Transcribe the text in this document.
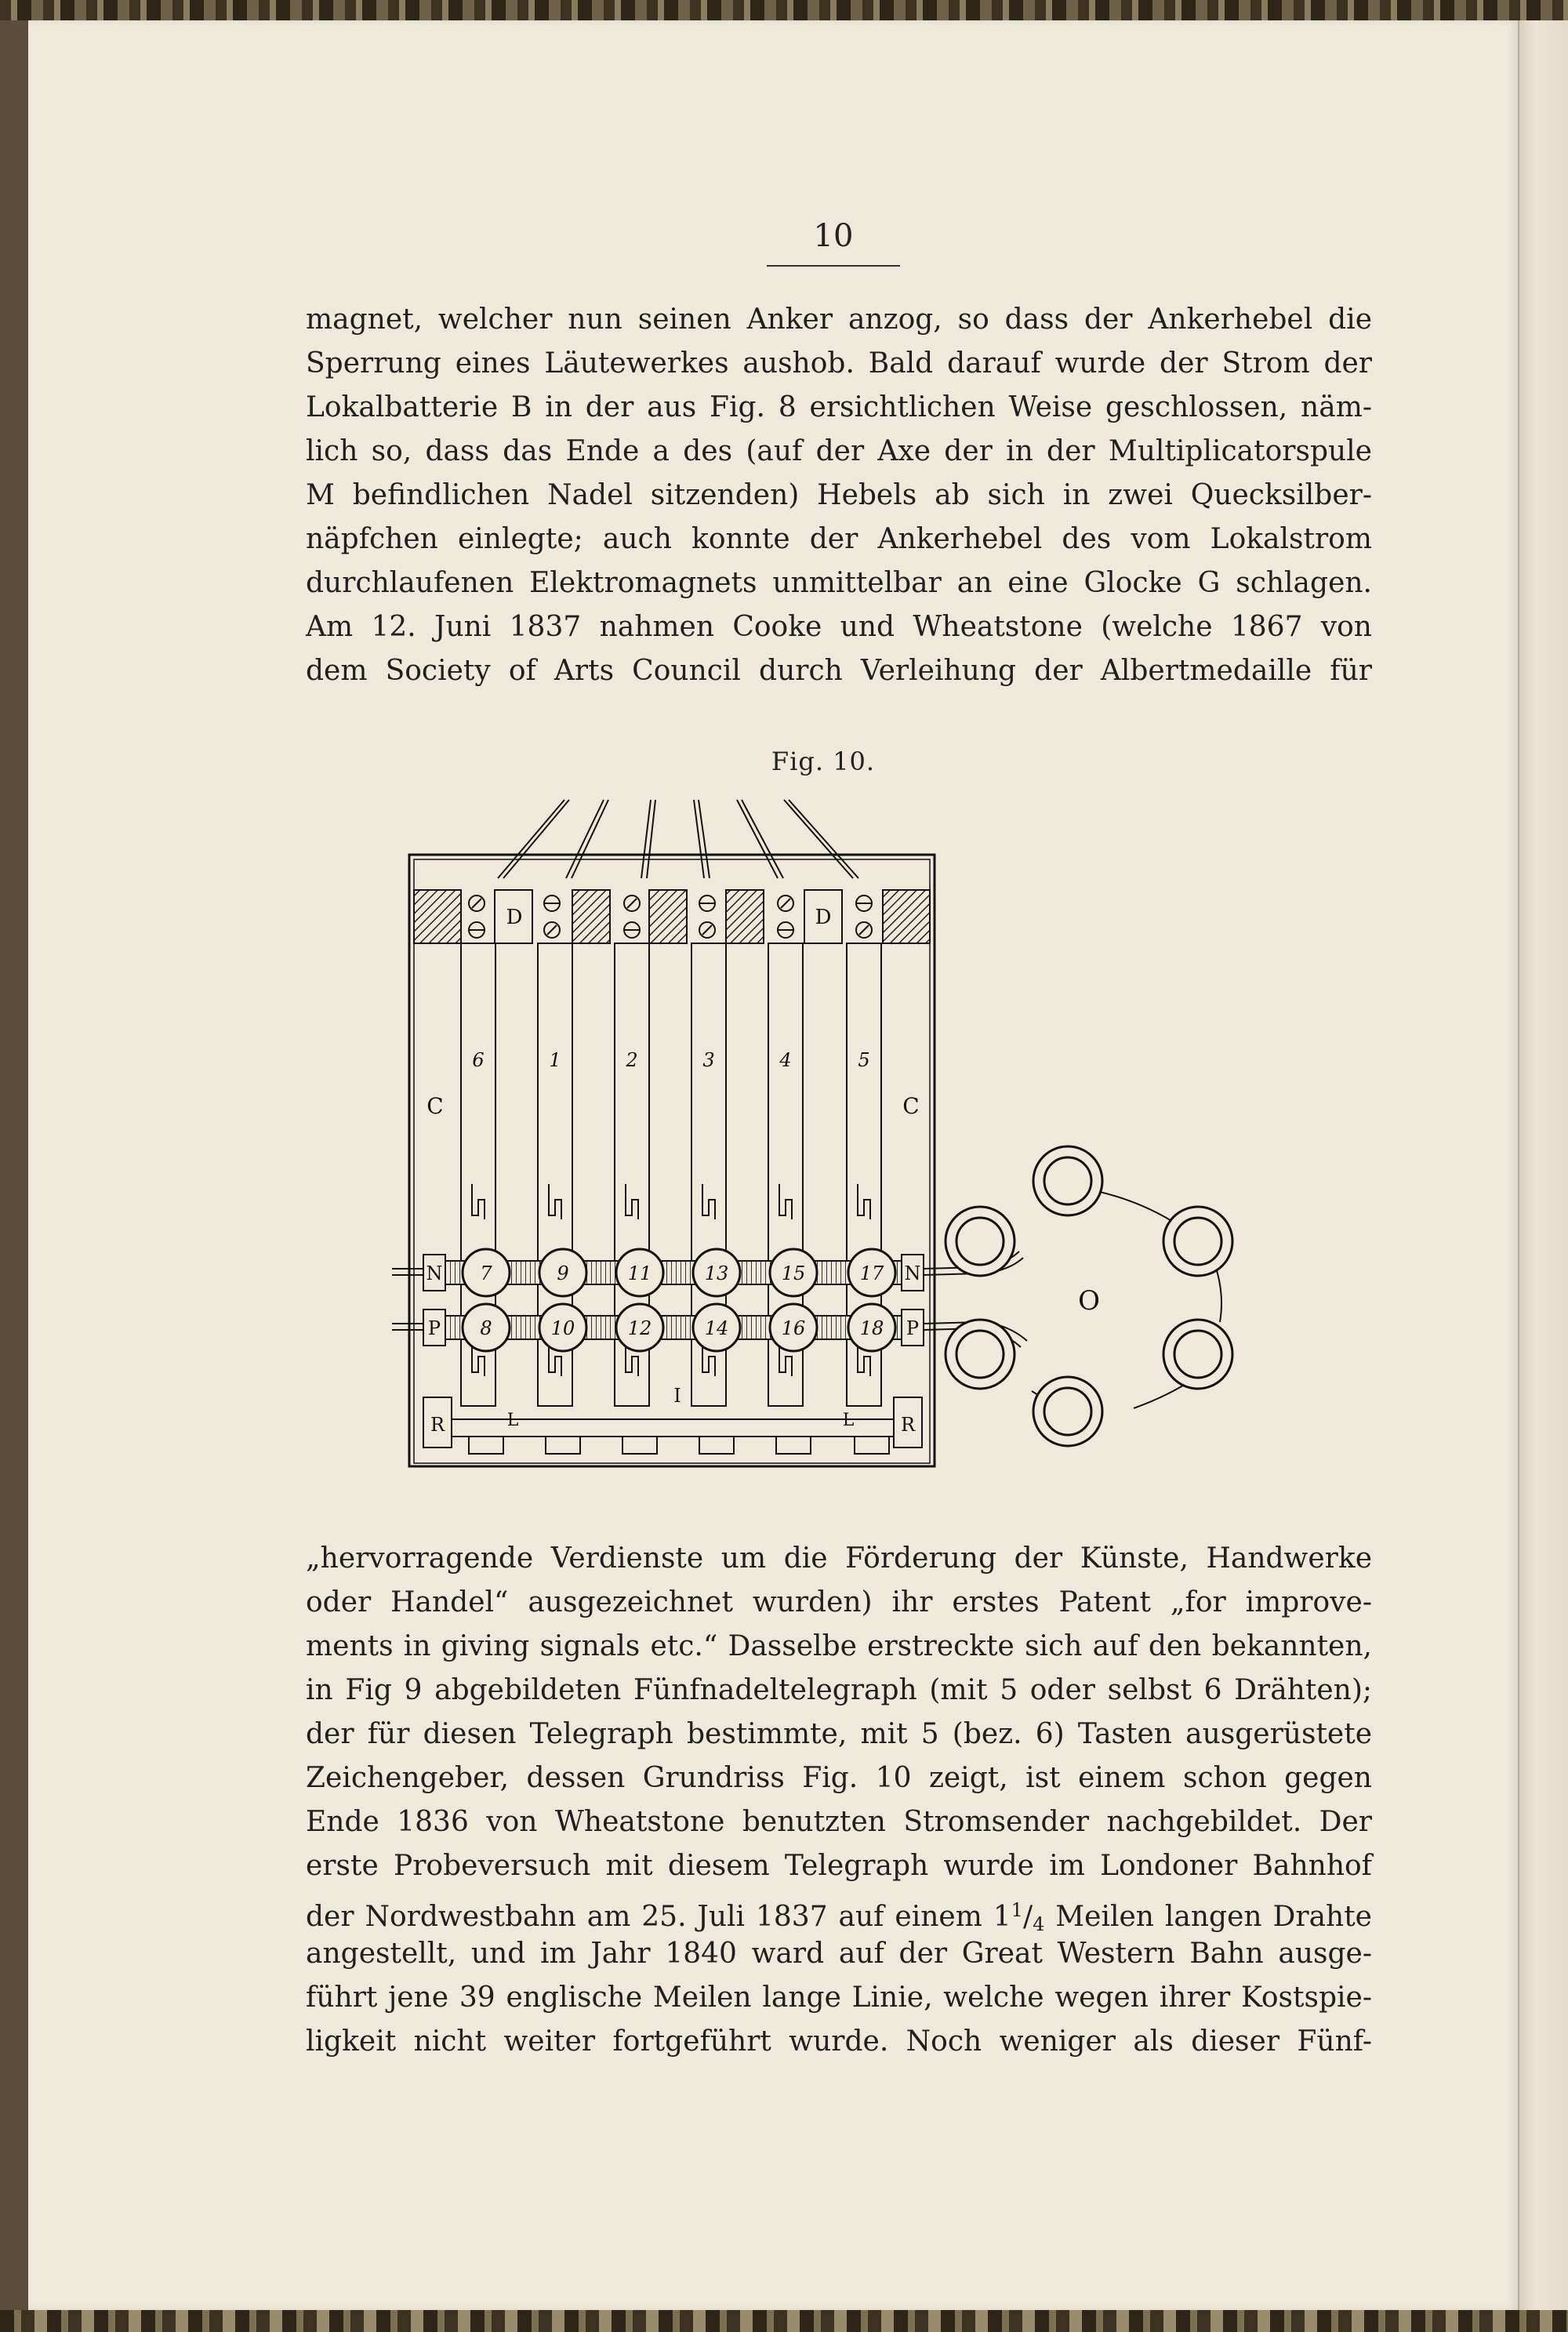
10
magnet, welcher nun seinen Anker anzog, so dass der Ankerhebel die
Sperrung eines Läutewerkes aushob. Bald darauf wurde der Strom der
Lokalbatterie B in der aus Fig. 8 ersichtlichen Weise geschlossen, näm-
lich so, dass das Ende a des (auf der Axe der in der Multiplicatorspule
M befindlichen Nadel sitzenden) Hebels ab sich in zwei Quecksilber-
näpfchen einlegte; auch konnte der Ankerhebel des vom Lokalstrom
durchlaufenen Elektromagnets unmittelbar an eine Glocke G schlagen.
Am 12. Juni 1837 nahmen Cooke und Wheatstone (welche 1867 von
dem Society of Arts Council durch Verleihung der Albertmedaille für
Fig. 10.
D	D
6	1	2	3	4	5
C	C
N	N
P	P
7	9	11	13	15	17
8	10	12	14	16	18
I
R	R
L	L
O
„hervorragende Verdienste um die Förderung der Künste, Handwerke
oder Handel“ ausgezeichnet wurden) ihr erstes Patent „for improve-
ments in giving signals etc.“ Dasselbe erstreckte sich auf den bekannten,
in Fig 9 abgebildeten Fünfnadeltelegraph (mit 5 oder selbst 6 Drähten);
der für diesen Telegraph bestimmte, mit 5 (bez. 6) Tasten ausgerüstete
Zeichengeber, dessen Grundriss Fig. 10 zeigt, ist einem schon gegen
Ende 1836 von Wheatstone benutzten Stromsender nachgebildet. Der
erste Probeversuch mit diesem Telegraph wurde im Londoner Bahnhof
der Nordwestbahn am 25. Juli 1837 auf einem $1^1/4$ Meilen langen Drahte
angestellt, und im Jahr 1840 ward auf der Great Western Bahn ausge-
führt jene 39 englische Meilen lange Linie, welche wegen ihrer Kostspie-
ligkeit nicht weiter fortgeführt wurde. Noch weniger als dieser Fünf-
